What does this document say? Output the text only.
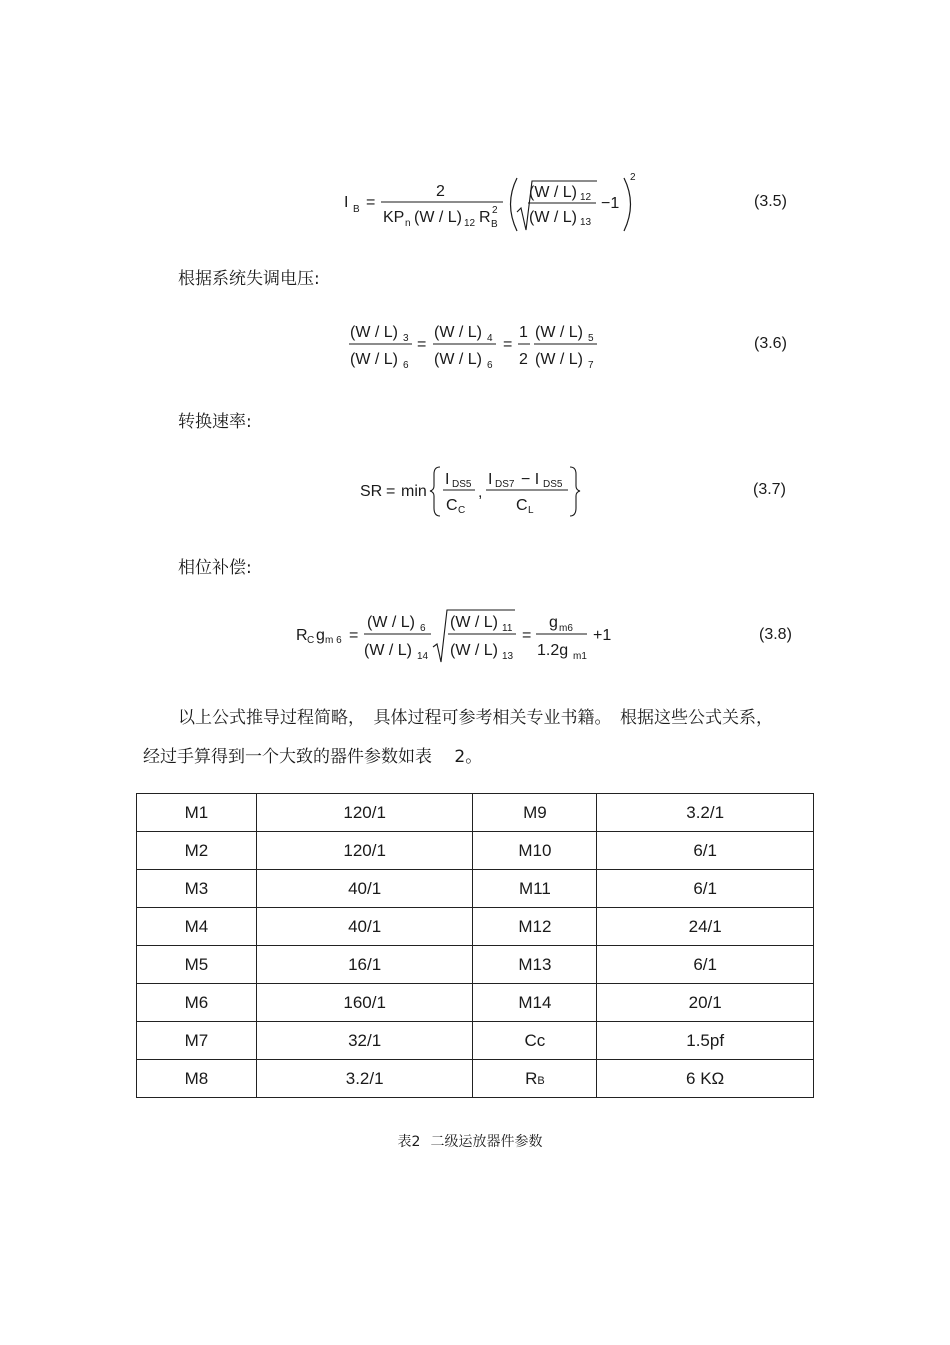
I B =
2
KP n (W / L) 12 R B
2
(W / L) 12
(W / L) 13
−1
2
(W / L) 3
(W / L) 6
=
(W / L) 4
(W / L) 6
=
1
2
(W / L) 5
(W / L) 7
SR = min
I DS5
C C
,
I DS7 − I DS5
C L
R C g m 6 =
(W / L) 6
(W / L) 14
(W / L) 11
(W / L) 13
=
g m6
1.2g m1
+1
(3.5)
(3.6)
(3.7)
(3.8)
根据系统失调电压:
转换速率:
相位补偿:
以上公式推导过程简略，　具体过程可参考相关专业书籍。　根据这些公式关系，
经过手算得到一个大致的器件参数如表　 2。
M1	120/1	M9	3.2/1
M2	120/1	M10	6/1
M3	40/1	M11	6/1
M4	40/1	M12	24/1
M5	16/1	M13	6/1
M6	160/1	M14	20/1
M7	32/1	Cc	1.5pf
M8	3.2/1	RB	6 KΩ
表2 二级运放器件参数
